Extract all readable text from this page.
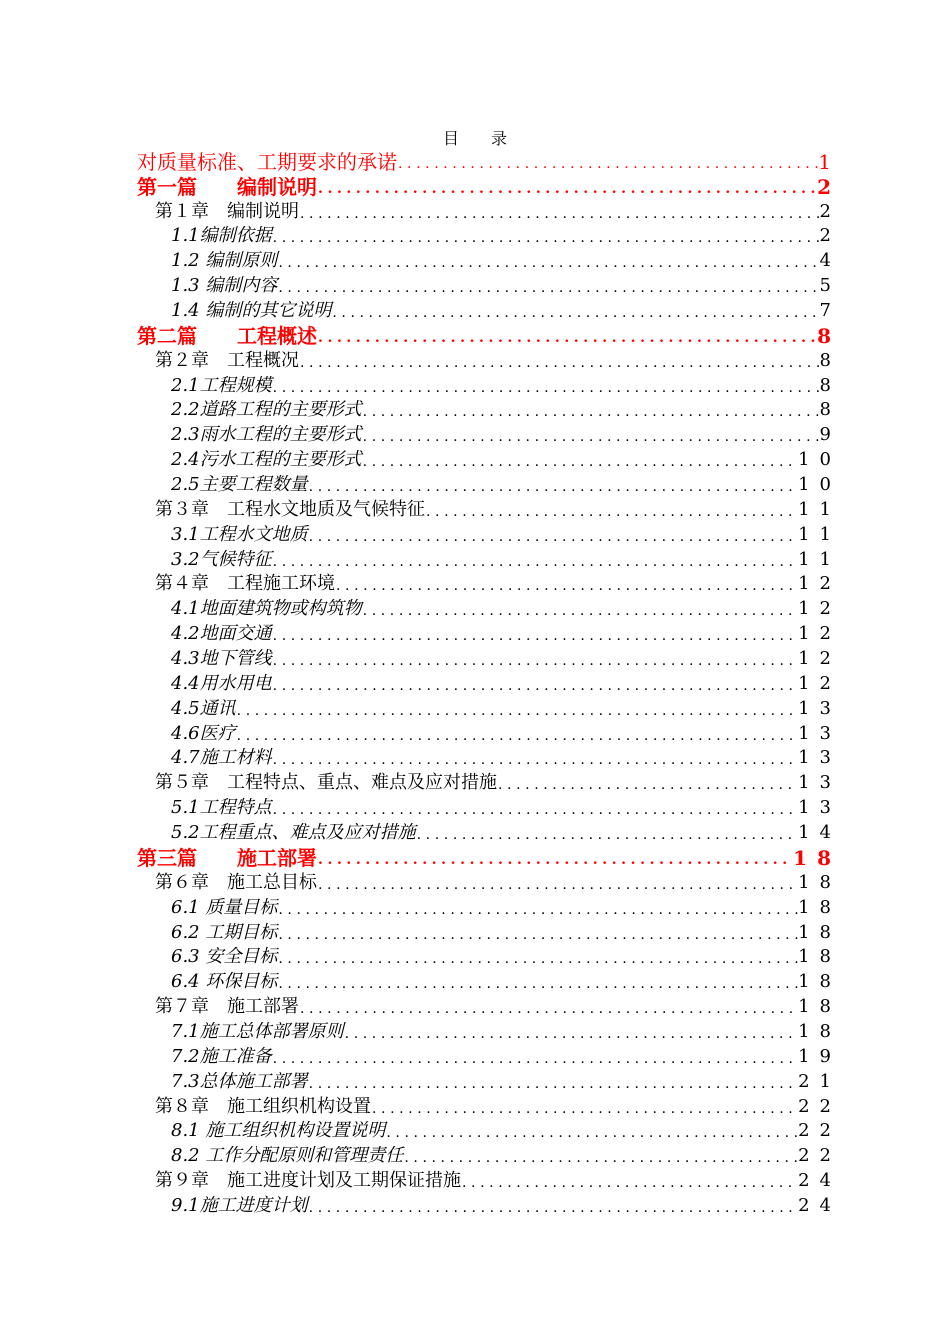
目 录
对质量标准、工期要求的承诺 .....	1
第一篇　　编制说明 .....	2
第１章　编制说明 .....	2
1.1编制依据 .....	2
1.2 编制原则 .....	4
1.3 编制内容 .....	5
1.4 编制的其它说明 .....	7
第二篇　　工程概述 .....	8
第２章　工程概况 .....	8
2.1工程规模 .....	8
2.2道路工程的主要形式 .....	8
2.3雨水工程的主要形式 .....	9
2.4污水工程的主要形式 .....	10
2.5主要工程数量 .....	10
第３章　工程水文地质及气候特征 .....	11
3.1工程水文地质 .....	11
3.2气候特征 .....	11
第４章　工程施工环境 .....	12
4.1地面建筑物或构筑物 .....	12
4.2地面交通 .....	12
4.3地下管线 .....	12
4.4用水用电 .....	12
4.5通讯 .....	13
4.6医疗 .....	13
4.7施工材料 .....	13
第５章　工程特点、重点、难点及应对措施 .....	13
5.1工程特点 .....	13
5.2工程重点、难点及应对措施 .....	14
第三篇　　施工部署 .....	18
第６章　施工总目标 .....	18
6.1 质量目标 .....	18
6.2 工期目标 .....	18
6.3 安全目标 .....	18
6.4 环保目标 .....	18
第７章　施工部署 .....	18
7.1施工总体部署原则 .....	18
7.2施工准备 .....	19
7.3总体施工部署 .....	21
第８章　施工组织机构设置 .....	22
8.1 施工组织机构设置说明 .....	22
8.2 工作分配原则和管理责任 .....	22
第９章　施工进度计划及工期保证措施 .....	24
9.1施工进度计划 .....	24
